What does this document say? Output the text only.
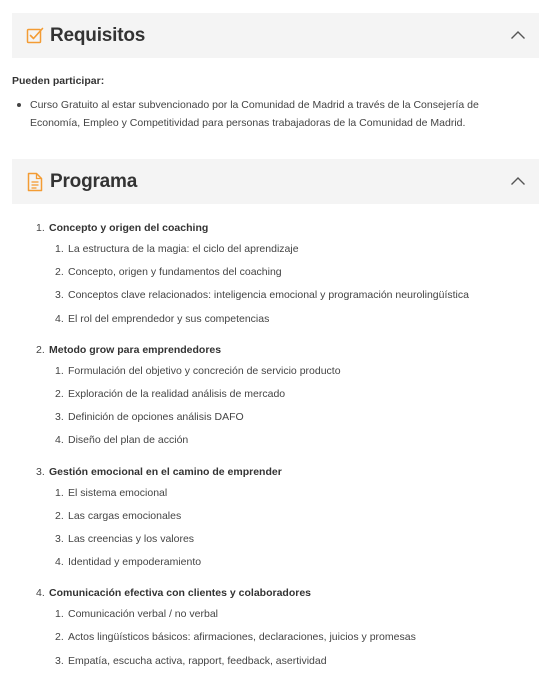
Requisitos
Pueden participar:
Curso Gratuito al estar subvencionado por la Comunidad de Madrid a través de la Consejería de Economía, Empleo y Competitividad para personas trabajadoras de la Comunidad de Madrid.
Programa
1. Concepto y origen del coaching
1. La estructura de la magia: el ciclo del aprendizaje
2. Concepto, origen y fundamentos del coaching
3. Conceptos clave relacionados: inteligencia emocional y programación neurolingüística
4. El rol del emprendedor y sus competencias
2. Metodo grow para emprendedores
1. Formulación del objetivo y concreción de servicio producto
2. Exploración de la realidad análisis de mercado
3. Definición de opciones análisis DAFO
4. Diseño del plan de acción
3. Gestión emocional en el camino de emprender
1. El sistema emocional
2. Las cargas emocionales
3. Las creencias y los valores
4. Identidad y empoderamiento
4. Comunicación efectiva con clientes y colaboradores
1. Comunicación verbal / no verbal
2. Actos lingüísticos básicos: afirmaciones, declaraciones, juicios y promesas
3. Empatía, escucha activa, rapport, feedback, asertividad
